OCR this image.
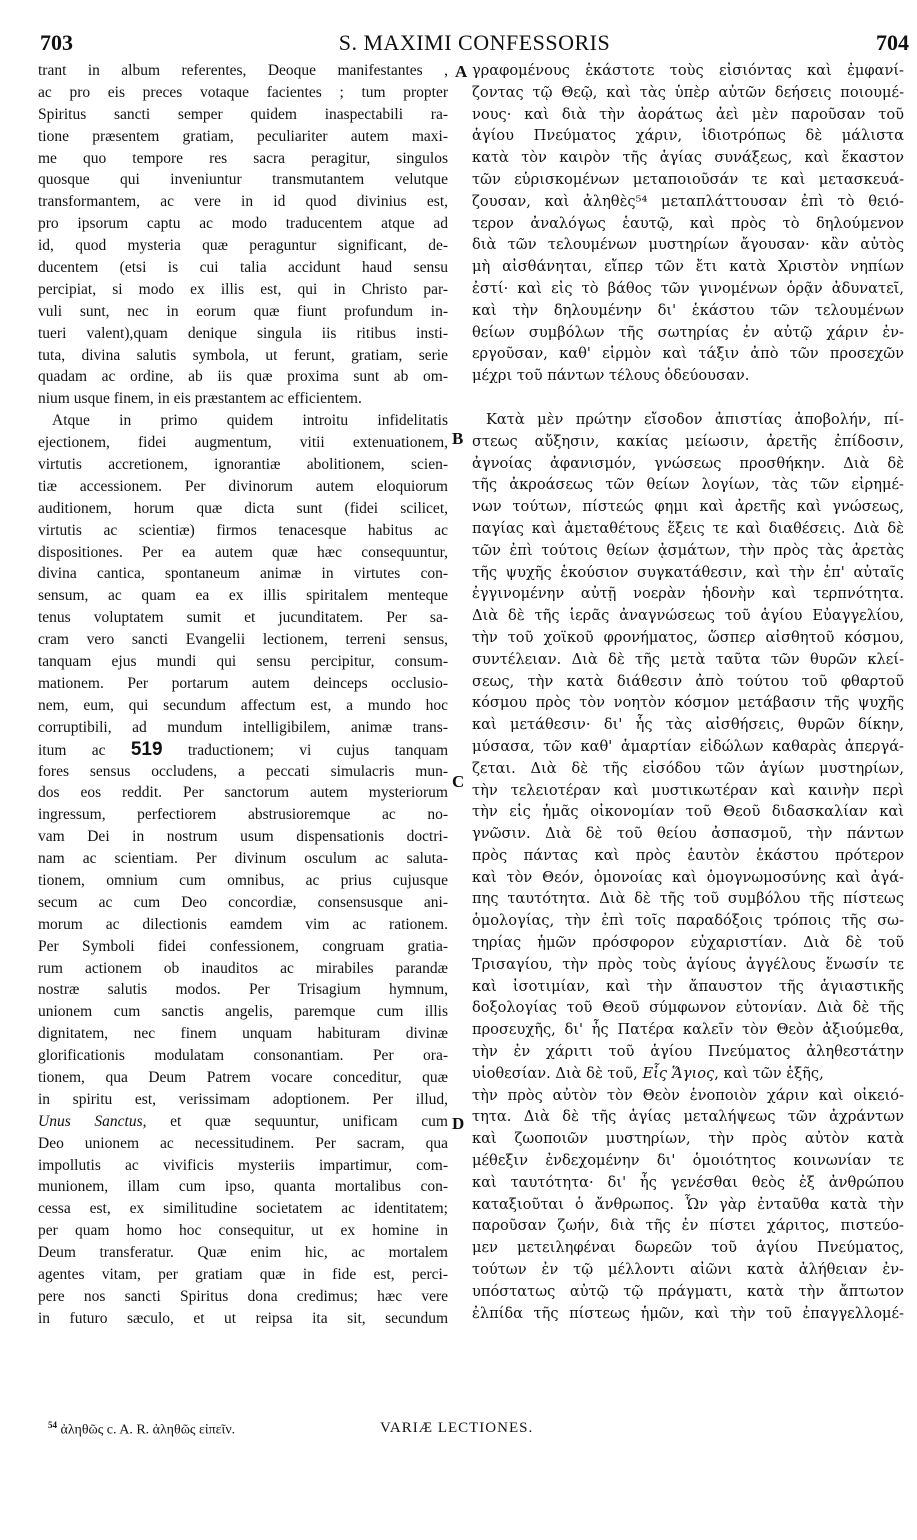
703	S. MAXIMI CONFESSORIS	704
A
B
C
D
trant in album referentes, Deoque manifestantes ,
ac pro eis preces votaque facientes ; tum propter
Spiritus sancti semper quidem inaspectabili ra-
tione præsentem gratiam, peculiariter autem maxi-
me quo tempore res sacra peragitur, singulos
quosque qui inveniuntur transmutantem velutque
transformantem, ac vere in id quod divinius est,
pro ipsorum captu ac modo traducentem atque ad
id, quod mysteria quæ peraguntur significant, de-
ducentem (etsi is cui talia accidunt haud sensu
percipiat, si modo ex illis est, qui in Christo par-
vuli sunt, nec in eorum quæ fiunt profundum in-
tueri valent),quam denique singula iis ritibus insti-
tuta, divina salutis symbola, ut ferunt, gratiam, serie
quadam ac ordine, ab iis quæ proxima sunt ab om-
nium usque finem, in eis præstantem ac efficientem.
Atque in primo quidem introitu infidelitatis
ejectionem, fidei augmentum, vitii extenuationem,
virtutis accretionem, ignorantiæ abolitionem, scien-
tiæ accessionem. Per divinorum autem eloquiorum
auditionem, horum quæ dicta sunt (fidei scilicet,
virtutis ac scientiæ) firmos tenacesque habitus ac
dispositiones. Per ea autem quæ hæc consequuntur,
divina cantica, spontaneum animæ in virtutes con-
sensum, ac quam ea ex illis spiritalem menteque
tenus voluptatem sumit et jucunditatem. Per sa-
cram vero sancti Evangelii lectionem, terreni sensus,
tanquam ejus mundi qui sensu percipitur, consum-
mationem. Per portarum autem deinceps occlusio-
nem, eum, qui secundum affectum est, a mundo hoc
corruptibili, ad mundum intelligibilem, animæ trans-
itum ac 519 traductionem; vi cujus tanquam
fores sensus occludens, a peccati simulacris mun-
dos eos reddit. Per sanctorum autem mysteriorum
ingressum, perfectiorem abstrusioremque ac no-
vam Dei in nostrum usum dispensationis doctri-
nam ac scientiam. Per divinum osculum ac saluta-
tionem, omnium cum omnibus, ac prius cujusque
secum ac cum Deo concordiæ, consensusque ani-
morum ac dilectionis eamdem vim ac rationem.
Per Symboli fidei confessionem, congruam gratia-
rum actionem ob inauditos ac mirabiles parandæ
nostræ salutis modos. Per Trisagium hymnum,
unionem cum sanctis angelis, paremque cum illis
dignitatem, nec finem unquam habituram divinæ
glorificationis modulatam consonantiam. Per ora-
tionem, qua Deum Patrem vocare conceditur, quæ
in spiritu est, verissimam adoptionem. Per illud,
Unus Sanctus, et quæ sequuntur, unificam cum
Deo unionem ac necessitudinem. Per sacram, qua
impollutis ac vivificis mysteriis impartimur, com-
munionem, illam cum ipso, quanta mortalibus con-
cessa est, ex similitudine societatem ac identitatem;
per quam homo hoc consequitur, ut ex homine in
Deum transferatur. Quæ enim hic, ac mortalem
agentes vitam, per gratiam quæ in fide est, perci-
pere nos sancti Spiritus dona credimus; hæc vere
in futuro sæculo, et ut reipsa ita sit, secundum
γραφομένους ἑκάστοτε τοὺς εἰσιόντας καὶ ἐμφανί-
ζοντας τῷ Θεῷ, καὶ τὰς ὑπὲρ αὐτῶν δεήσεις ποιουμέ-
νους· καὶ διὰ τὴν ἀοράτως ἀεὶ μὲν παροῦσαν τοῦ
ἁγίου Πνεύματος χάριν, ἰδιοτρόπως δὲ μάλιστα
κατὰ τὸν καιρὸν τῆς ἁγίας συνάξεως, καὶ ἕκαστον
τῶν εὑρισκομένων μεταποιοῦσάν τε καὶ μετασκευά-
ζουσαν, καὶ ἀληθὲς⁵⁴ μεταπλάττουσαν ἐπὶ τὸ θειό-
τερον ἀναλόγως ἑαυτῷ, καὶ πρὸς τὸ δηλούμενον
διὰ τῶν τελουμένων μυστηρίων ἄγουσαν· κἂν αὐτὸς
μὴ αἰσθάνηται, εἴπερ τῶν ἔτι κατὰ Χριστὸν νηπίων
ἐστί· καὶ εἰς τὸ βάθος τῶν γινομένων ὁρᾷν ἀδυνατεῖ,
καὶ τὴν δηλουμένην δι' ἑκάστου τῶν τελουμένων
θείων συμβόλων τῆς σωτηρίας ἐν αὐτῷ χάριν ἐν-
εργοῦσαν, καθ' εἱρμὸν καὶ τάξιν ἀπὸ τῶν προσεχῶν
μέχρι τοῦ πάντων τέλους ὁδεύουσαν.
Κατὰ μὲν πρώτην εἴσοδον ἀπιστίας ἀποβολήν, πί-
στεως αὔξησιν, κακίας μείωσιν, ἀρετῆς ἐπίδοσιν,
ἀγνοίας ἀφανισμόν, γνώσεως προσθήκην. Διὰ δὲ
τῆς ἀκροάσεως τῶν θείων λογίων, τὰς τῶν εἰρημέ-
νων τούτων, πίστεώς φημι καὶ ἀρετῆς καὶ γνώσεως,
παγίας καὶ ἀμεταθέτους ἕξεις τε καὶ διαθέσεις. Διὰ δὲ
τῶν ἐπὶ τούτοις θείων ᾀσμάτων, τὴν πρὸς τὰς ἀρετὰς
τῆς ψυχῆς ἑκούσιον συγκατάθεσιν, καὶ τὴν ἐπ' αὐταῖς
ἐγγινομένην αὐτῇ νοερὰν ἡδονὴν καὶ τερπνότητα.
Διὰ δὲ τῆς ἱερᾶς ἀναγνώσεως τοῦ ἁγίου Εὐαγγελίου,
τὴν τοῦ χοϊκοῦ φρονήματος, ὥσπερ αἰσθητοῦ κόσμου,
συντέλειαν. Διὰ δὲ τῆς μετὰ ταῦτα τῶν θυρῶν κλεί-
σεως, τὴν κατὰ διάθεσιν ἀπὸ τούτου τοῦ φθαρτοῦ
κόσμου πρὸς τὸν νοητὸν κόσμον μετάβασιν τῆς ψυχῆς
καὶ μετάθεσιν· δι' ἧς τὰς αἰσθήσεις, θυρῶν δίκην,
μύσασα, τῶν καθ' ἁμαρτίαν εἰδώλων καθαρὰς ἀπεργά-
ζεται. Διὰ δὲ τῆς εἰσόδου τῶν ἁγίων μυστηρίων,
τὴν τελειοτέραν καὶ μυστικωτέραν καὶ καινὴν περὶ
τὴν εἰς ἡμᾶς οἰκονομίαν τοῦ Θεοῦ διδασκαλίαν καὶ
γνῶσιν. Διὰ δὲ τοῦ θείου ἀσπασμοῦ, τὴν πάντων
πρὸς πάντας καὶ πρὸς ἑαυτὸν ἑκάστου πρότερον
καὶ τὸν Θεόν, ὁμονοίας καὶ ὁμογνωμοσύνης καὶ ἀγά-
πης ταυτότητα. Διὰ δὲ τῆς τοῦ συμβόλου τῆς πίστεως
ὁμολογίας, τὴν ἐπὶ τοῖς παραδόξοις τρόποις τῆς σω-
τηρίας ἡμῶν πρόσφορον εὐχαριστίαν. Διὰ δὲ τοῦ
Τρισαγίου, τὴν πρὸς τοὺς ἁγίους ἀγγέλους ἕνωσίν τε
καὶ ἰσοτιμίαν, καὶ τὴν ἄπαυστον τῆς ἁγιαστικῆς
δοξολογίας τοῦ Θεοῦ σύμφωνον εὐτονίαν. Διὰ δὲ τῆς
προσευχῆς, δι' ἧς Πατέρα καλεῖν τὸν Θεὸν ἀξιούμεθα,
τὴν ἐν χάριτι τοῦ ἁγίου Πνεύματος ἀληθεστάτην
υἱοθεσίαν. Διὰ δὲ τοῦ, Εἷς Ἅγιος, καὶ τῶν ἑξῆς,
τὴν πρὸς αὐτὸν τὸν Θεὸν ἑνοποιὸν χάριν καὶ οἰκειό-
τητα. Διὰ δὲ τῆς ἁγίας μεταλήψεως τῶν ἀχράντων
καὶ ζωοποιῶν μυστηρίων, τὴν πρὸς αὐτὸν κατὰ
μέθεξιν ἐνδεχομένην δι' ὁμοιότητος κοινωνίαν τε
καὶ ταυτότητα· δι' ἧς γενέσθαι θεὸς ἐξ ἀνθρώπου
καταξιοῦται ὁ ἄνθρωπος. Ὧν γὰρ ἐνταῦθα κατὰ τὴν
παροῦσαν ζωήν, διὰ τῆς ἐν πίστει χάριτος, πιστεύο-
μεν μετειληφέναι δωρεῶν τοῦ ἁγίου Πνεύματος,
τούτων ἐν τῷ μέλλοντι αἰῶνι κατὰ ἀλήθειαν ἐν-
υπόστατως αὐτῷ τῷ πράγματι, κατὰ τὴν ἄπτωτον
ἐλπίδα τῆς πίστεως ἡμῶν, καὶ τὴν τοῦ ἐπαγγελλομέ-
$^{54}$ ἀληθῶς c. A. R. ἀληθῶς εἰπεῖν.	VARIÆ LECTIONES.
